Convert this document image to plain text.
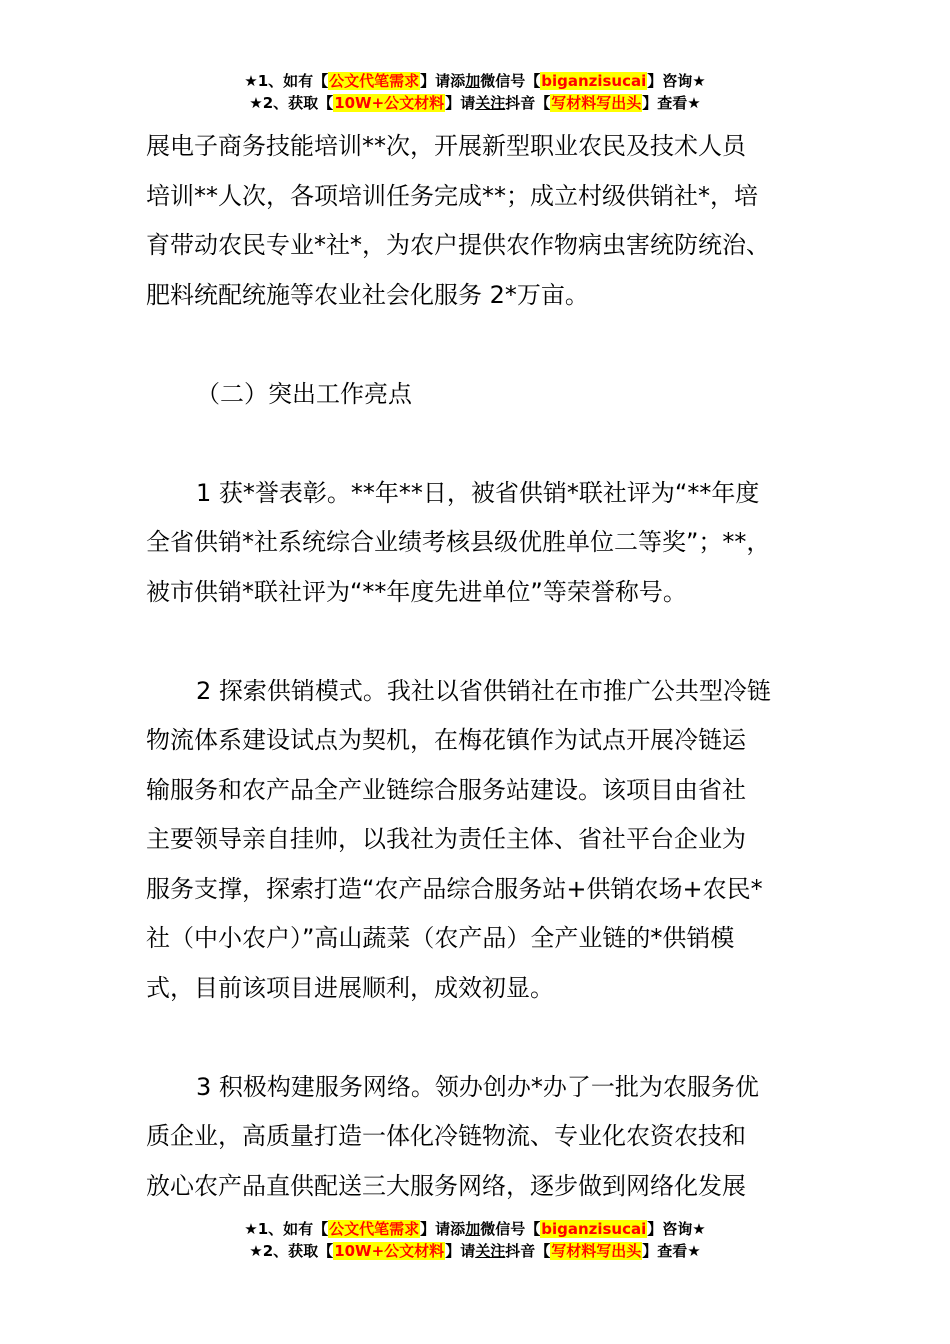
★1、如有【公文代笔需求】请添加微信号【biganzisucai】咨询★
★2、获取【10W+公文材料】请关注抖音【写材料写出头】查看★

展电子商务技能培训**次，开展新型职业农民及技术人员

培训**人次，各项培训任务完成**；成立村级供销社*，培

育带动农民专业*社*，为农户提供农作物病虫害统防统治、

肥料统配统施等农业社会化服务 2*万亩。

（二）突出工作亮点

1 获*誉表彰。**年**日，被省供销*联社评为“**年度

全省供销*社系统综合业绩考核县级优胜单位二等奖”；**，

被市供销*联社评为“**年度先进单位”等荣誉称号。

2 探索供销模式。我社以省供销社在市推广公共型冷链

物流体系建设试点为契机，在梅花镇作为试点开展冷链运

输服务和农产品全产业链综合服务站建设。该项目由省社

主要领导亲自挂帅，以我社为责任主体、省社平台企业为

服务支撑，探索打造“农产品综合服务站+供销农场+农民*

社（中小农户）”高山蔬菜（农产品）全产业链的*供销模

式，目前该项目进展顺利，成效初显。

3 积极构建服务网络。领办创办*办了一批为农服务优

质企业，高质量打造一体化冷链物流、专业化农资农技和

放心农产品直供配送三大服务网络，逐步做到网络化发展

★1、如有【公文代笔需求】请添加微信号【biganzisucai】咨询★
★2、获取【10W+公文材料】请关注抖音【写材料写出头】查看★
